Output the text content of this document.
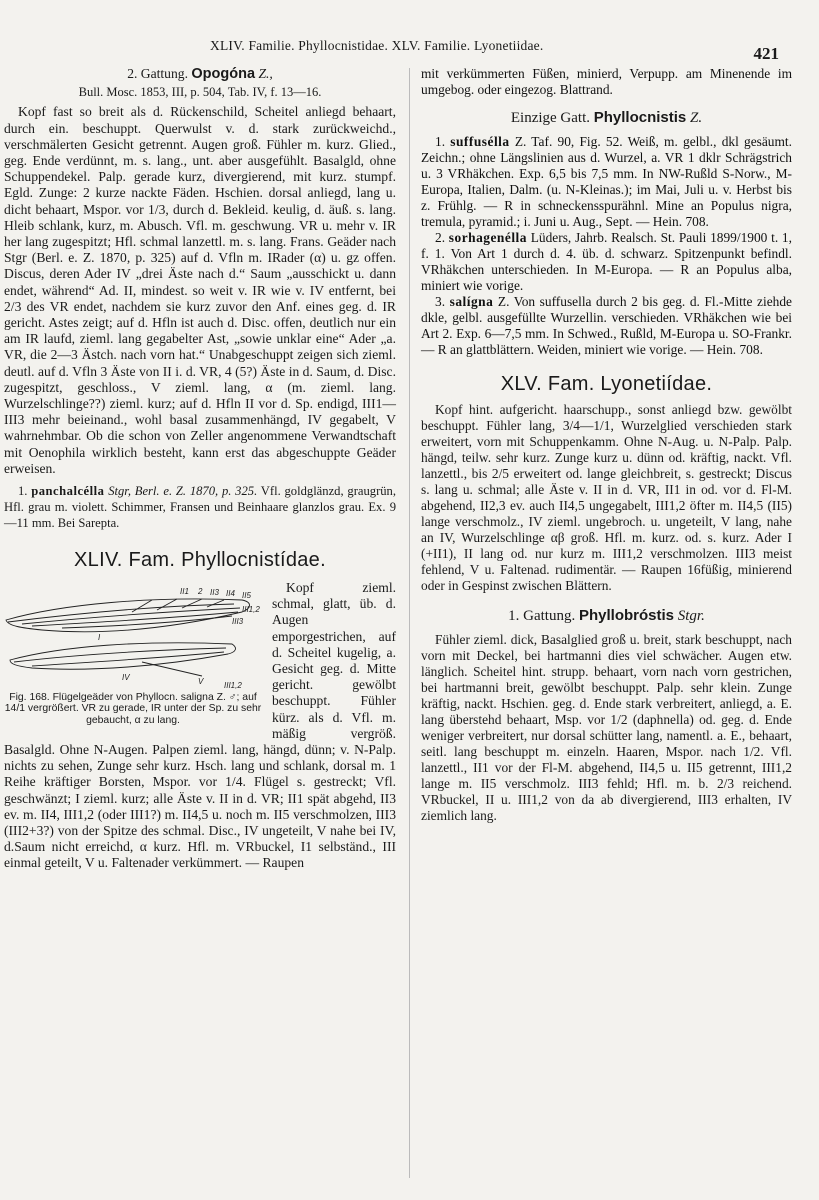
XLIV. Familie. Phyllocnistidae. XLV. Familie. Lyonetiidae.	421

2. Gattung. Opogóna Z.,

Bull. Mosc. 1853, III, p. 504, Tab. IV, f. 13—16.

Kopf fast so breit als d. Rückenschild, Scheitel anliegd behaart, durch ein. beschuppt. Querwulst v. d. stark zurückweichd., verschmälerten Gesicht getrennt. Augen groß. Fühler m. kurz. Glied., geg. Ende verdünnt, m. s. lang., unt. aber ausgefühlt. Basalgld, ohne Schuppendekel. Palp. gerade kurz, divergierend, mit kurz. stumpf. Egld. Zunge: 2 kurze nackte Fäden. Hschien. dorsal anliegd, lang u. dicht behaart, Mspor. vor 1/3, durch d. Bekleid. keulig, d. äuß. s. lang. Hleib schlank, kurz, m. Abusch. Vfl. m. geschwung. VR u. mehr v. IR her lang zugespitzt; Hfl. schmal lanzettl. m. s. lang. Frans. Geäder nach Stgr (Berl. e. Z. 1870, p. 325) auf d. Vfln m. IRader (α) u. gz offen. Discus, deren Ader IV „drei Äste nach d.“ Saum „ausschickt u. dann endet, während“ Ad. II, mindest. so weit v. IR wie v. IV entfernt, bei 2/3 des VR endet, nachdem sie kurz zuvor den Anf. eines geg. d. IR gericht. Astes zeigt; auf d. Hfln ist auch d. Disc. offen, deutlich nur ein am IR laufd, zieml. lang gegabelter Ast, „sowie unklar eine“ Ader „a. VR, die 2—3 Ästch. nach vorn hat.“ Unabgeschuppt zeigen sich zieml. deutl. auf d. Vfln 3 Äste von II i. d. VR, 4 (5?) Äste in d. Saum, d. Disc. zugespitzt, geschloss., V zieml. lang, α (m. zieml. lang. Wurzelschlinge??) zieml. kurz; auf d. Hfln II vor d. Sp. endigd, III1—III3 mehr beieinand., wohl basal zusammenhängd, IV gegabelt, V wahrnehmbar. Ob die schon von Zeller angenommene Verwandtschaft mit Oenophila wirklich besteht, kann erst das abgeschuppte Geäder erweisen.

1. panchalcélla Stgr, Berl. e. Z. 1870, p. 325. Vfl. goldglänzd, graugrün, Hfl. grau m. violett. Schimmer, Fransen und Beinhaare glanzlos grau. Ex. 9—11 mm. Bei Sarepta.

XLIV. Fam. Phyllocnistídae.
II1 2 II3 II4 II5
III1,2
III3
I
IV	V	III1,2
Fig. 168. Flügelgeäder von Phyllocn. saligna Z. ♂; auf 14/1 vergrößert. VR zu gerade, IR unter der Sp. zu sehr gebaucht, α zu lang.

Kopf zieml. schmal, glatt, üb. d. Augen emporgestrichen, auf d. Scheitel kugelig, a. Gesicht geg. d. Mitte gericht. gewölbt beschuppt. Fühler kürz. als d. Vfl. m. mäßig vergröß. Basalgld. Ohne N-Augen. Palpen zieml. lang, hängd, dünn; v. N-Palp. nichts zu sehen, Zunge sehr kurz. Hsch. lang und schlank, dorsal m. 1 Reihe kräftiger Borsten, Mspor. vor 1/4. Flügel s. gestreckt; Vfl. geschwänzt; I zieml. kurz; alle Äste v. II in d. VR; II1 spät abgehd, II3 ev. m. II4, III1,2 (oder III1?) m. II4,5 u. noch m. II5 verschmolzen, III3 (III2+3?) von der Spitze des schmal. Disc., IV ungeteilt, V nahe bei IV, d.Saum nicht erreichd, α kurz. Hfl. m. VRbuckel, I1 selbständ., III einmal geteilt, V u. Faltenader verkümmert. — Raupen

mit verkümmerten Füßen, minierd, Verpupp. am Minenende im umgebog. oder eingezog. Blattrand.

Einzige Gatt. Phyllocnistis Z.

1. suffusélla Z. Taf. 90, Fig. 52. Weiß, m. gelbl., dkl gesäumt. Zeichn.; ohne Längslinien aus d. Wurzel, a. VR 1 dklr Schrägstrich u. 3 VRhäkchen. Exp. 6,5 bis 7,5 mm. In NW-Rußld S-Norw., M-Europa, Italien, Dalm. (u. N-Kleinas.); im Mai, Juli u. v. Herbst bis z. Frühlg. — R in schneckensspurähnl. Mine an Populus nigra, tremula, pyramid.; i. Juni u. Aug., Sept. — Hein. 708.

2. sorhagenélla Lüders, Jahrb. Realsch. St. Pauli 1899/1900 t. 1, f. 1. Von Art 1 durch d. 4. üb. d. schwarz. Spitzenpunkt befindl. VRhäkchen unterschieden. In M-Europa. — R an Populus alba, miniert wie vorige.

3. salígna Z. Von suffusella durch 2 bis geg. d. Fl.-Mitte ziehde dkle, gelbl. ausgefüllte Wurzellin. verschieden. VRhäkchen wie bei Art 2. Exp. 6—7,5 mm. In Schwed., Rußld, M-Europa u. SO-Frankr. — R an glattblättern. Weiden, miniert wie vorige. — Hein. 708.

XLV. Fam. Lyonetiídae.

Kopf hint. aufgericht. haarschupp., sonst anliegd bzw. gewölbt beschuppt. Fühler lang, 3/4—1/1, Wurzelglied verschieden stark erweitert, vorn mit Schuppenkamm. Ohne N-Aug. u. N-Palp. Palp. hängd, teilw. sehr kurz. Zunge kurz u. dünn od. kräftig, nackt. Vfl. lanzettl., bis 2/5 erweitert od. lange gleichbreit, s. gestreckt; Discus s. lang u. schmal; alle Äste v. II in d. VR, II1 in od. vor d. Fl-M. abgehend, II2,3 ev. auch II4,5 ungegabelt, III1,2 öfter m. II4,5 (II5) lange verschmolz., IV zieml. ungebroch. u. ungeteilt, V lang, nahe an IV, Wurzelschlinge αβ groß. Hfl. m. kurz. od. s. kurz. Ader I (+II1), II lang od. nur kurz m. III1,2 verschmolzen. III3 meist fehlend, V u. Faltenad. rudimentär. — Raupen 16füßig, minierend oder in Gespinst zwischen Blättern.

1. Gattung. Phyllobróstis Stgr.

Fühler zieml. dick, Basalglied groß u. breit, stark beschuppt, nach vorn mit Deckel, bei hartmanni dies viel schwächer. Augen etw. länglich. Scheitel hint. strupp. behaart, vorn nach vorn gestrichen, bei hartmanni breit, gewölbt beschuppt. Palp. sehr klein. Zunge kräftig, nackt. Hschien. geg. d. Ende stark verbreitert, anliegd, a. E. lang überstehd behaart, Msp. vor 1/2 (daphnella) od. geg. d. Ende weniger verbreitert, nur dorsal schütter lang, namentl. a. E., behaart, seitl. lang beschuppt m. einzeln. Haaren, Mspor. nach 1/2. Vfl. lanzettl., II1 vor der Fl-M. abgehend, II4,5 u. II5 getrennt, III1,2 lange m. II5 verschmolz. III3 fehld; Hfl. m. b. 2/3 reichend. VRbuckel, II u. III1,2 von da ab divergierend, III3 erhalten, IV ziemlich lang.
